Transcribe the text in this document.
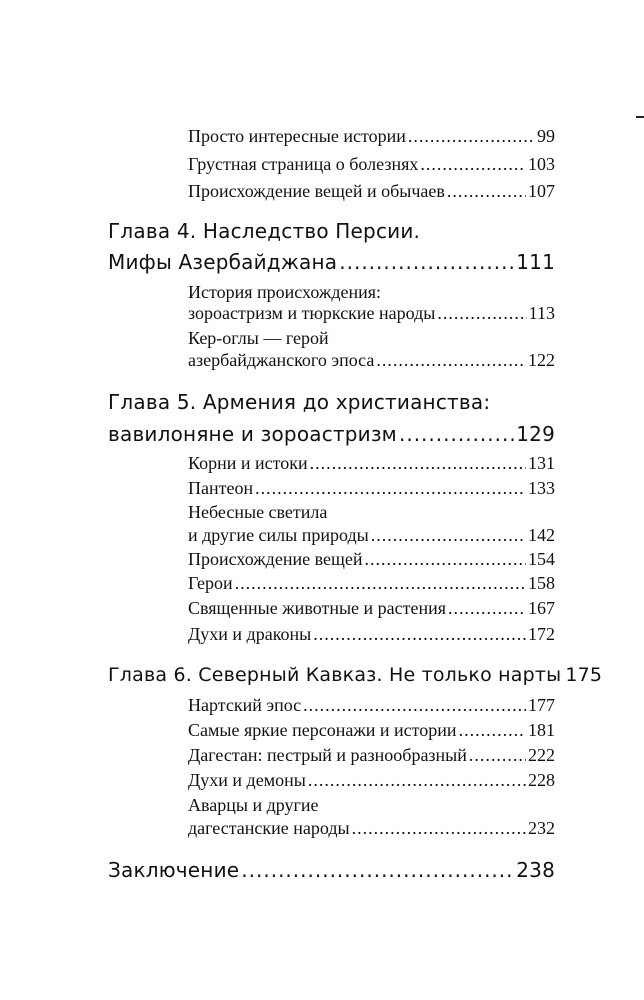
Просто интересные истории .....	99
Грустная страница о болезнях .....	103
Происхождение вещей и обычаев .....	107
Глава 4. Наследство Персии.
Мифы Азербайджана .....	111
История происхождения:
зороастризм и тюркские народы .....	113
Кер-оглы — герой
азербайджанского эпоса .....	122
Глава 5. Армения до христианства:
вавилоняне и зороастризм .....	129
Корни и истоки .....	131
Пантеон .....	133
Небесные светила
и другие силы природы .....	142
Происхождение вещей .....	154
Герои .....	158
Священные животные и растения .....	167
Духи и драконы .....	172
Глава 6. Северный Кавказ. Не только нарты 175
Нартский эпос .....	177
Самые яркие персонажи и истории .....	181
Дагестан: пестрый и разнообразный .....	222
Духи и демоны .....	228
Аварцы и другие
дагестанские народы .....	232
Заключение .....	238
